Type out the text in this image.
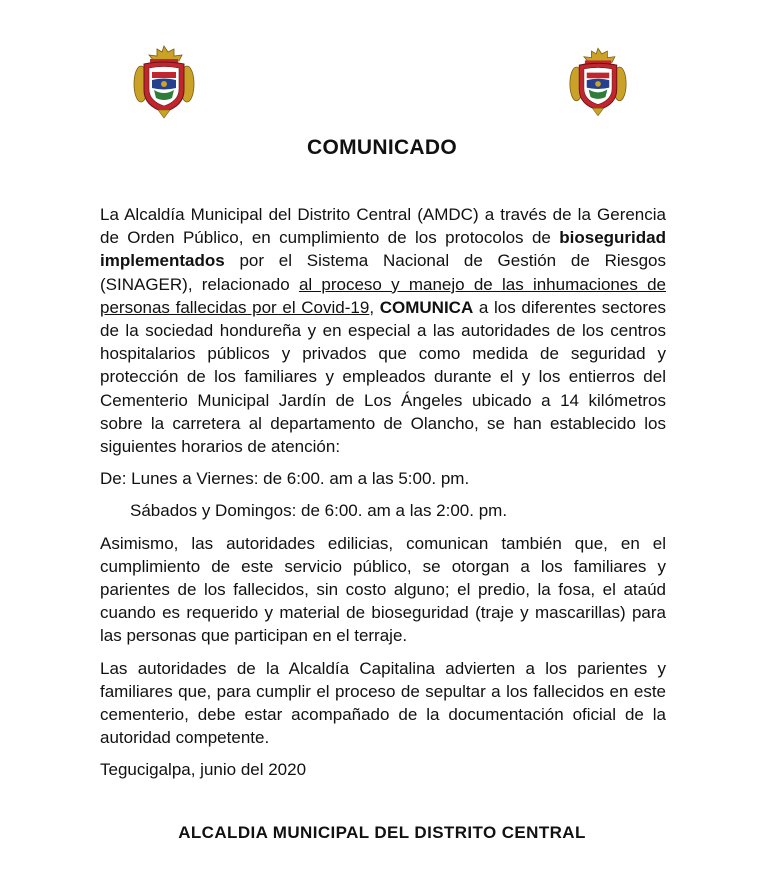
COMUNICADO

La Alcaldía Municipal del Distrito Central (AMDC) a través de la Gerencia de Orden Público, en cumplimiento de los protocolos de bioseguridad implementados por el Sistema Nacional de Gestión de Riesgos (SINAGER), relacionado al proceso y manejo de las inhumaciones de personas fallecidas por el Covid-19, COMUNICA a los diferentes sectores de la sociedad hondureña y en especial a las autoridades de los centros hospitalarios públicos y privados que como medida de seguridad y protección de los familiares y empleados durante el y los entierros del Cementerio Municipal Jardín de Los Ángeles ubicado a 14 kilómetros sobre la carretera al departamento de Olancho, se han establecido los siguientes horarios de atención:

De: Lunes a Viernes: de 6:00. am a las 5:00. pm.

Sábados y Domingos: de 6:00. am a las 2:00. pm.

Asimismo, las autoridades edilicias, comunican también que, en el cumplimiento de este servicio público, se otorgan a los familiares y parientes de los fallecidos, sin costo alguno; el predio, la fosa, el ataúd cuando es requerido y material de bioseguridad (traje y mascarillas) para las personas que participan en el terraje.

Las autoridades de la Alcaldía Capitalina advierten a los parientes y familiares que, para cumplir el proceso de sepultar a los fallecidos en este cementerio, debe estar acompañado de la documentación oficial de la autoridad competente.

Tegucigalpa, junio del 2020

ALCALDIA MUNICIPAL DEL DISTRITO CENTRAL
